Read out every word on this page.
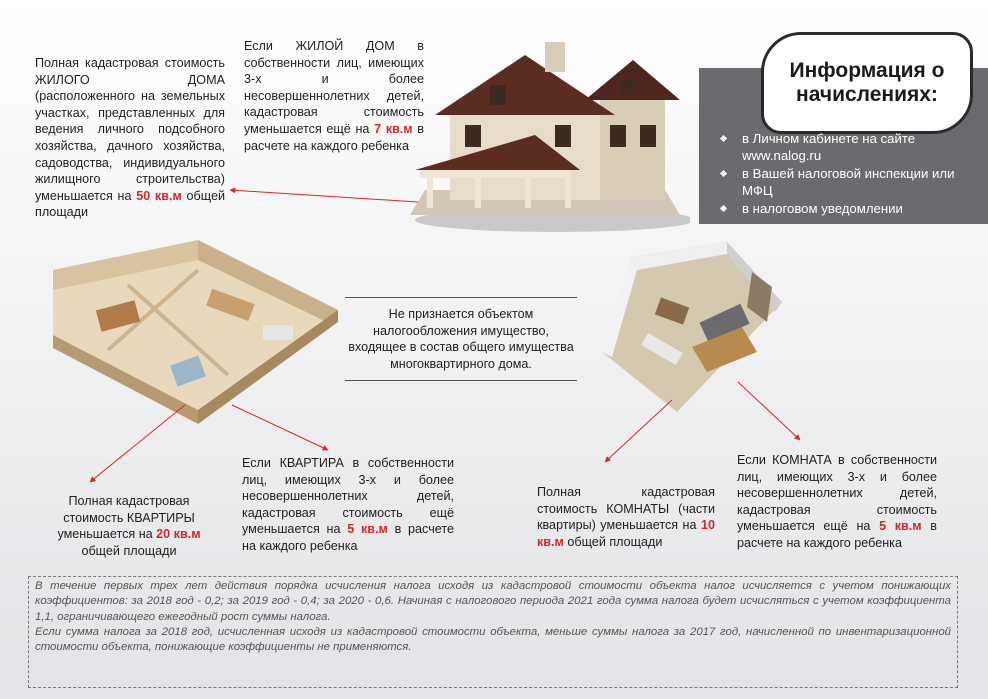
Полная кадастровая стоимость ЖИЛОГО ДОМА (расположенного на земельных участках, представленных для ведения личного подсобного хозяйства, дачного хозяйства, садоводства, индивидуального жилищного строительства) уменьшается на 50 кв.м общей площади
Если ЖИЛОЙ ДОМ в собственности лиц, имеющих 3-х и более несовершеннолетних детей, кадастровая стоимость уменьшается ещё на 7 кв.м в расчете на каждого ребенка
Информация о начислениях:
в Личном кабинете на сайте www.nalog.ru
в Вашей налоговой инспекции или МФЦ
в налоговом уведомлении
Не признается объектом налогообложения имущество, входящее в состав общего имущества многоквартирного дома.
Полная кадастровая стоимость КВАРТИРЫ уменьшается на 20 кв.м общей площади
Если КВАРТИРА в собственности лиц, имеющих 3-х и более несовершеннолетних детей, кадастровая стоимость ещё уменьшается на 5 кв.м в расчете на каждого ребенка
Полная кадастровая стоимость КОМНАТЫ (части квартиры) уменьшается на 10 кв.м общей площади
Если КОМНАТА в собственности лиц, имеющих 3-х и более несовершеннолетних детей, кадастровая стоимость уменьшается ещё на 5 кв.м в расчете на каждого ребенка

В течение первых трех лет действия порядка исчисления налога исходя из кадастровой стоимости объекта налог исчисляется с учетом понижающих коэффициентов: за 2018 год - 0,2; за 2019 год - 0,4; за 2020 - 0,6. Начиная с налогового периода 2021 года сумма налога будет исчисляться с учетом коэффициента 1,1, ограничивающего ежегодный рост суммы налога.

Если сумма налога за 2018 год, исчисленная исходя из кадастровой стоимости объекта, меньше суммы налога за 2017 год, начисленной по инвентаризационной стоимости объекта, понижающие коэффициенты не применяются.
